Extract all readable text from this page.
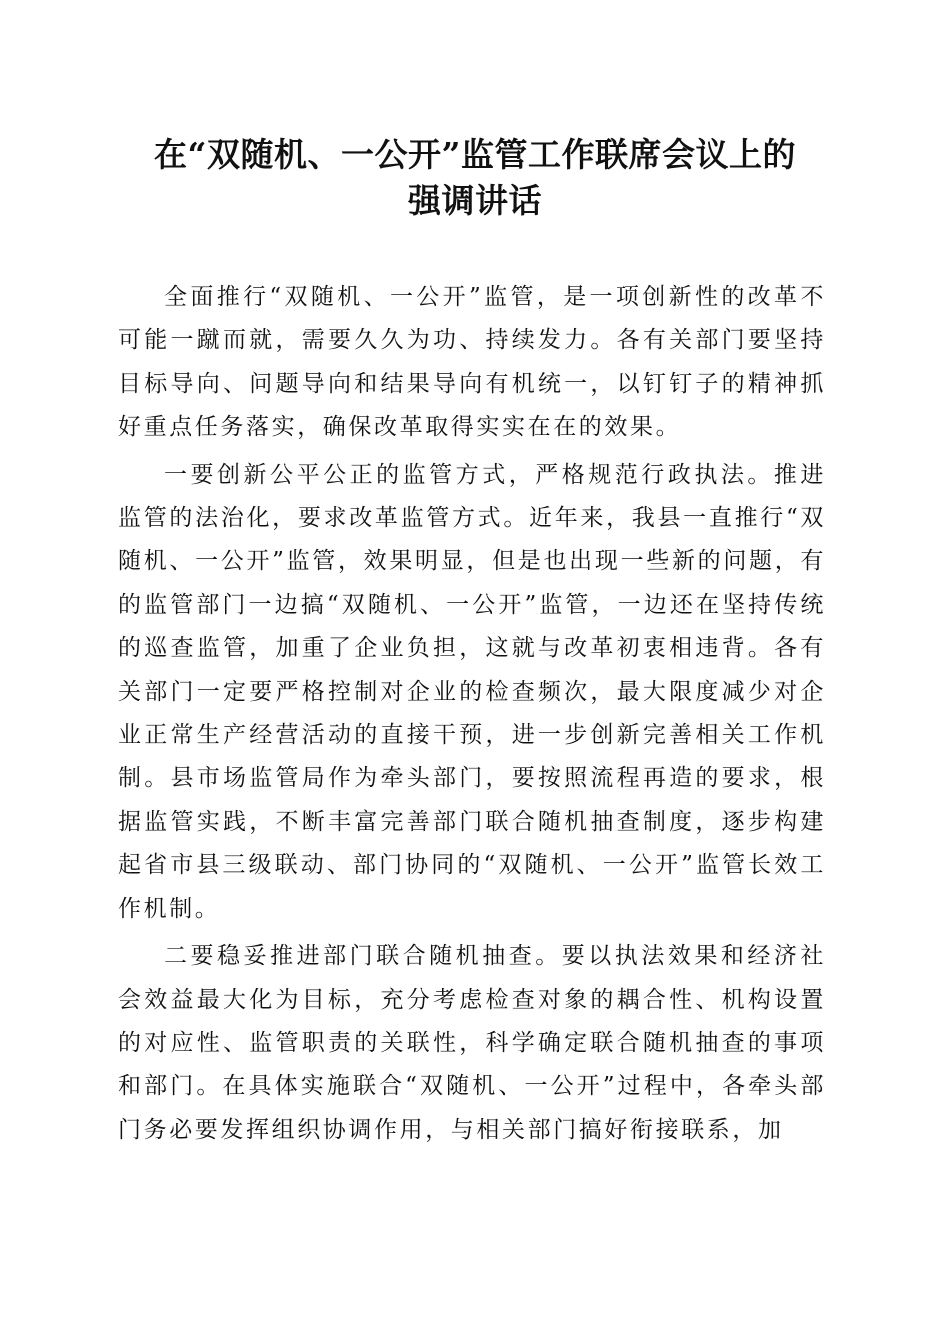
在“双随机、一公开”监管工作联席会议上的
强调讲话

全面推行“双随机、一公开”监管，是一项创新性的改革不可能一蹴而就，需要久久为功、持续发力。各有关部门要坚持目标导向、问题导向和结果导向有机统一，以钉钉子的精神抓好重点任务落实，确保改革取得实实在在的效果。

一要创新公平公正的监管方式，严格规范行政执法。推进监管的法治化，要求改革监管方式。近年来，我县一直推行“双随机、一公开”监管，效果明显，但是也出现一些新的问题，有的监管部门一边搞“双随机、一公开”监管，一边还在坚持传统的巡查监管，加重了企业负担，这就与改革初衷相违背。各有关部门一定要严格控制对企业的检查频次，最大限度减少对企业正常生产经营活动的直接干预，进一步创新完善相关工作机制。县市场监管局作为牵头部门，要按照流程再造的要求，根据监管实践，不断丰富完善部门联合随机抽查制度，逐步构建起省市县三级联动、部门协同的“双随机、一公开”监管长效工作机制。

二要稳妥推进部门联合随机抽查。要以执法效果和经济社会效益最大化为目标，充分考虑检查对象的耦合性、机构设置的对应性、监管职责的关联性，科学确定联合随机抽查的事项和部门。在具体实施联合“双随机、一公开”过程中，各牵头部门务必要发挥组织协调作用，与相关部门搞好衔接联系，加
